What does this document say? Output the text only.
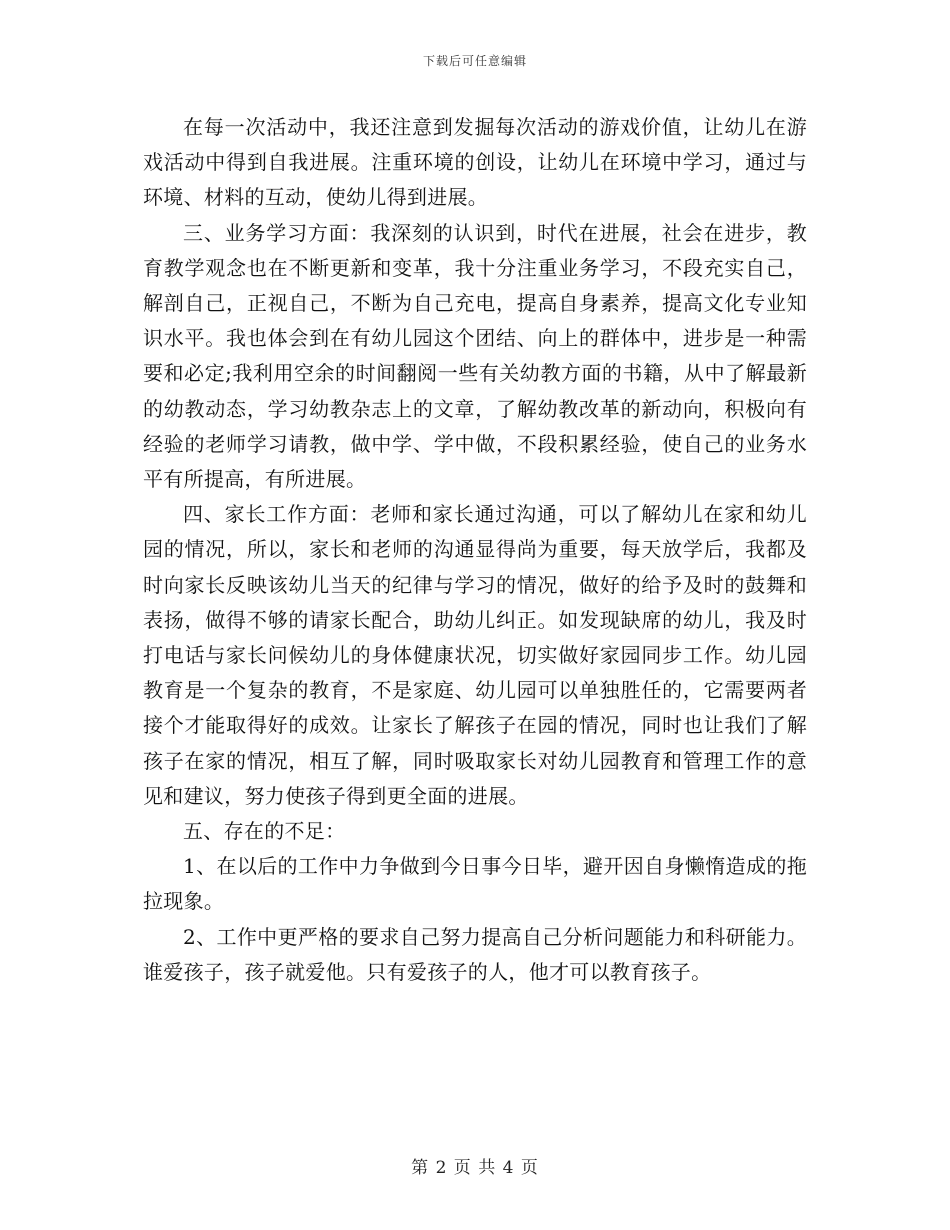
下载后可任意编辑

在每一次活动中，我还注意到发掘每次活动的游戏价值，让幼儿在游戏活动中得到自我进展。注重环境的创设，让幼儿在环境中学习，通过与环境、材料的互动，使幼儿得到进展。

三、业务学习方面：我深刻的认识到，时代在进展，社会在进步，教育教学观念也在不断更新和变革，我十分注重业务学习，不段充实自己，解剖自己，正视自己，不断为自己充电，提高自身素养，提高文化专业知识水平。我也体会到在有幼儿园这个团结、向上的群体中，进步是一种需要和必定;我利用空余的时间翻阅一些有关幼教方面的书籍，从中了解最新的幼教动态，学习幼教杂志上的文章，了解幼教改革的新动向，积极向有经验的老师学习请教，做中学、学中做，不段积累经验，使自己的业务水平有所提高，有所进展。

四、家长工作方面：老师和家长通过沟通，可以了解幼儿在家和幼儿园的情况，所以，家长和老师的沟通显得尚为重要，每天放学后，我都及时向家长反映该幼儿当天的纪律与学习的情况，做好的给予及时的鼓舞和表扬，做得不够的请家长配合，助幼儿纠正。如发现缺席的幼儿，我及时打电话与家长问候幼儿的身体健康状况，切实做好家园同步工作。幼儿园教育是一个复杂的教育，不是家庭、幼儿园可以单独胜任的，它需要两者接个才能取得好的成效。让家长了解孩子在园的情况，同时也让我们了解孩子在家的情况，相互了解，同时吸取家长对幼儿园教育和管理工作的意见和建议，努力使孩子得到更全面的进展。

五、存在的不足：

1、在以后的工作中力争做到今日事今日毕，避开因自身懒惰造成的拖拉现象。

2、工作中更严格的要求自己努力提高自己分析问题能力和科研能力。谁爱孩子，孩子就爱他。只有爱孩子的人，他才可以教育孩子。

第 2 页 共 4 页
